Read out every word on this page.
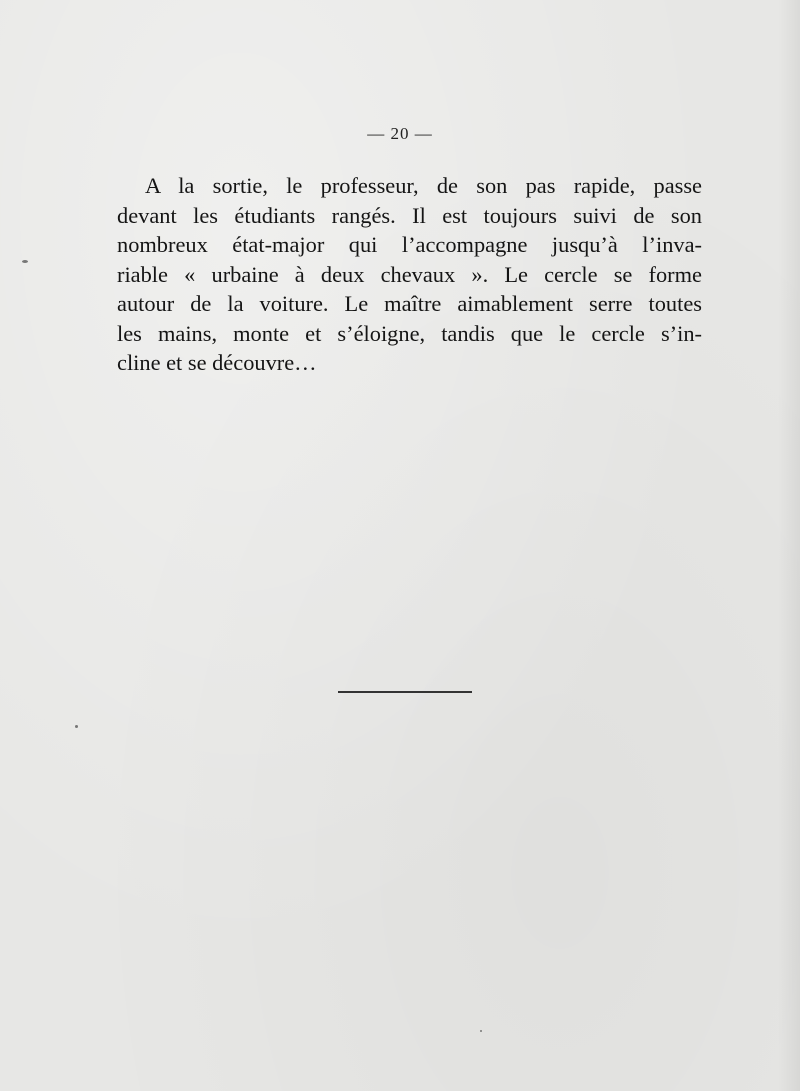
— 20 —

A la sortie, le professeur, de son pas rapide, passe
devant les étudiants rangés. Il est toujours suivi de son
nombreux état-major qui l’accompagne jusqu’à l’inva-
riable « urbaine à deux chevaux ». Le cercle se forme
autour de la voiture. Le maître aimablement serre toutes
les mains, monte et s’éloigne, tandis que le cercle s’in-
cline et se découvre…
